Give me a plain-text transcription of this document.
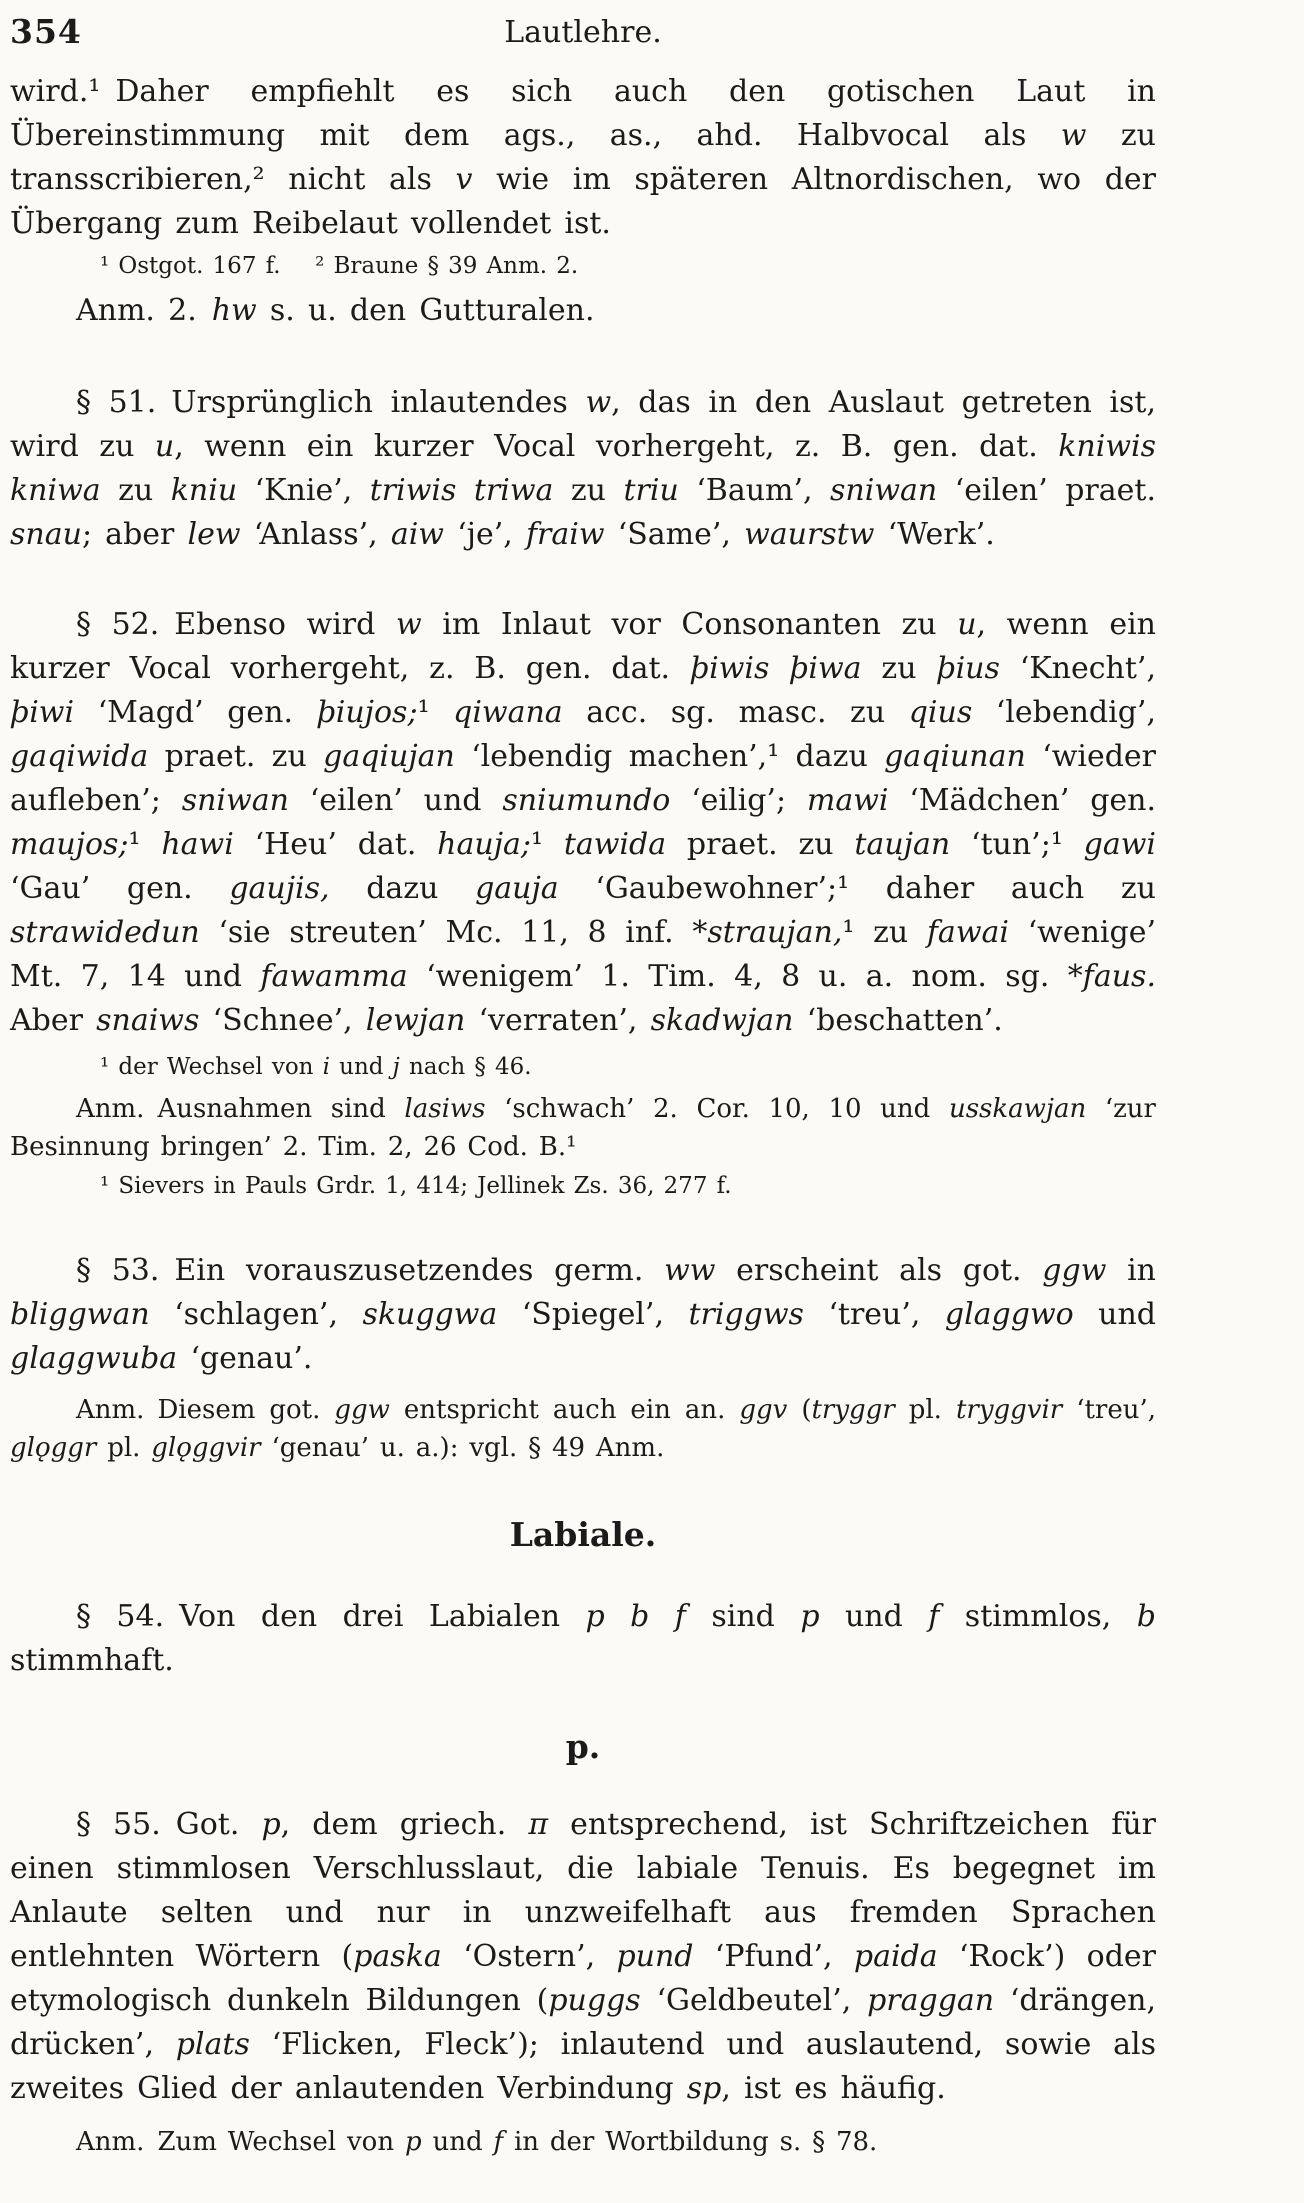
354	Lautlehre.

wird.¹ Daher empfiehlt es sich auch den gotischen Laut in Übereinstimmung mit dem ags., as., ahd. Halbvocal als w zu transscribieren,² nicht als v wie im späteren Altnordischen, wo der Übergang zum Reibelaut vollendet ist.

¹ Ostgot. 167 f.  ² Braune § 39 Anm. 2.

Anm. 2. hw s. u. den Gutturalen.

§ 51. Ursprünglich inlautendes w, das in den Auslaut getreten ist, wird zu u, wenn ein kurzer Vocal vorhergeht, z. B. gen. dat. kniwis kniwa zu kniu ‘Knie’, triwis triwa zu triu ‘Baum’, sniwan ‘eilen’ praet. snau; aber lew ‘Anlass’, aiw ‘je’, fraiw ‘Same’, waurstw ‘Werk’.

§ 52. Ebenso wird w im Inlaut vor Consonanten zu u, wenn ein kurzer Vocal vorhergeht, z. B. gen. dat. þiwis þiwa zu þius ‘Knecht’, þiwi ‘Magd’ gen. þiujos;¹ qiwana acc. sg. masc. zu qius ‘lebendig’, gaqiwida praet. zu gaqiujan ‘lebendig machen’,¹ dazu gaqiunan ‘wieder aufleben’; sniwan ‘eilen’ und sniumundo ‘eilig’; mawi ‘Mädchen’ gen. maujos;¹ hawi ‘Heu’ dat. hauja;¹ tawida praet. zu taujan ‘tun’;¹ gawi ‘Gau’ gen. gaujis, dazu gauja ‘Gaubewohner’;¹ daher auch zu strawidedun ‘sie streuten’ Mc. 11, 8 inf. *straujan,¹ zu fawai ‘wenige’ Mt. 7, 14 und fawamma ‘wenigem’ 1. Tim. 4, 8 u. a. nom. sg. *faus. Aber snaiws ‘Schnee’, lewjan ‘verraten’, skadwjan ‘beschatten’.

¹ der Wechsel von i und j nach § 46.

Anm. Ausnahmen sind lasiws ‘schwach’ 2. Cor. 10, 10 und usskawjan ‘zur Besinnung bringen’ 2. Tim. 2, 26 Cod. B.¹

¹ Sievers in Pauls Grdr. 1, 414; Jellinek Zs. 36, 277 f.

§ 53. Ein vorauszusetzendes germ. ww erscheint als got. ggw in bliggwan ‘schlagen’, skuggwa ‘Spiegel’, triggws ‘treu’, glaggwo und glaggwuba ‘genau’.

Anm. Diesem got. ggw entspricht auch ein an. ggv (tryggr pl. tryggvir ‘treu’, glǫggr pl. glǫggvir ‘genau’ u. a.): vgl. § 49 Anm.

Labiale.

§ 54. Von den drei Labialen p b f sind p und f stimmlos, b stimmhaft.

p.

§ 55. Got. p, dem griech. π entsprechend, ist Schriftzeichen für einen stimmlosen Verschlusslaut, die labiale Tenuis. Es begegnet im Anlaute selten und nur in unzweifelhaft aus fremden Sprachen entlehnten Wörtern (paska ‘Ostern’, pund ‘Pfund’, paida ‘Rock’) oder etymologisch dunkeln Bildungen (puggs ‘Geldbeutel’, praggan ‘drängen, drücken’, plats ‘Flicken, Fleck’); inlautend und auslautend, sowie als zweites Glied der anlautenden Verbindung sp, ist es häufig.

Anm. Zum Wechsel von p und f in der Wortbildung s. § 78.
